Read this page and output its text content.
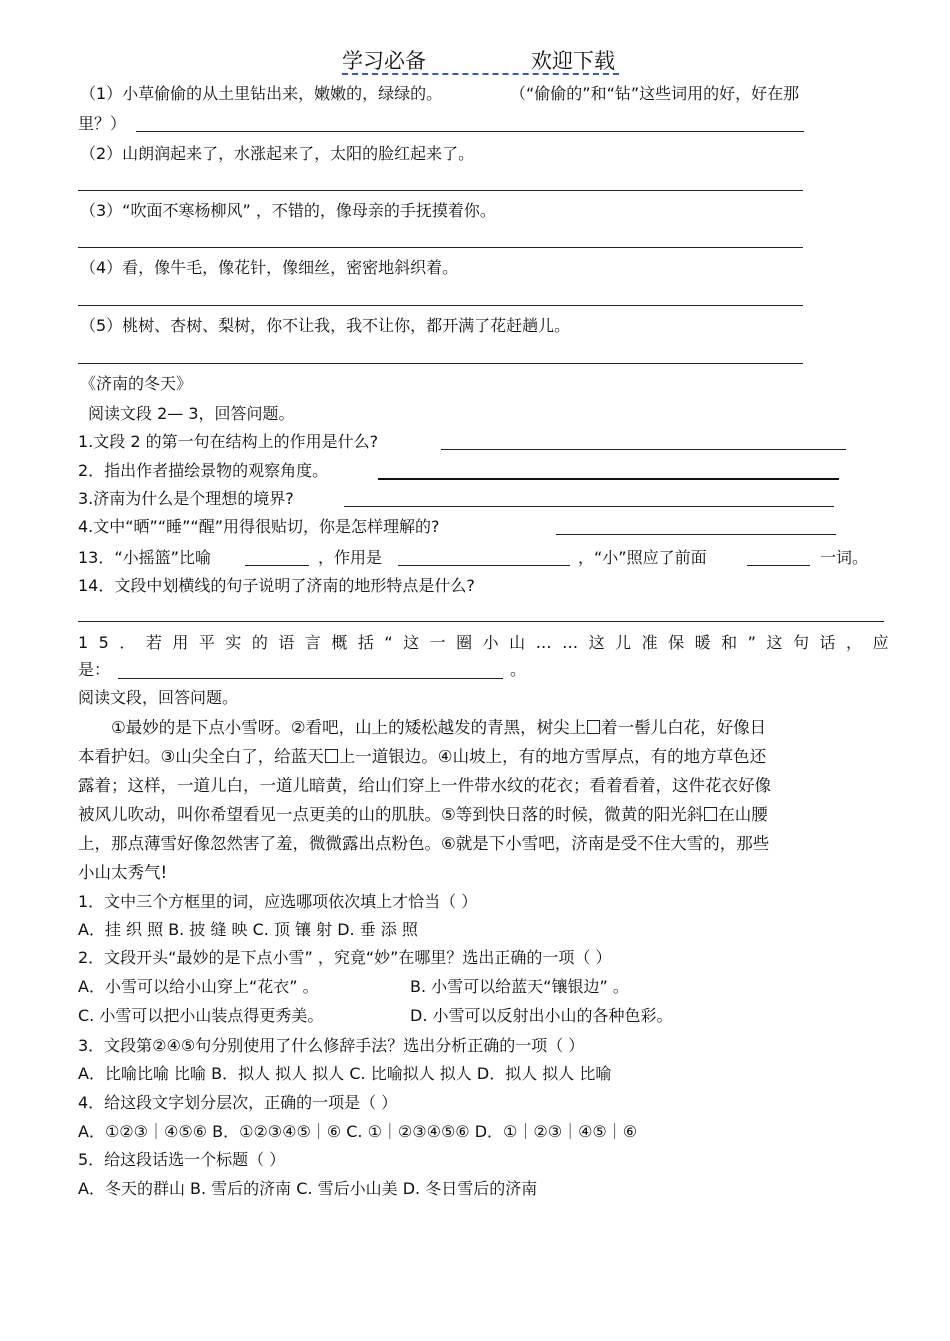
学习必备	欢迎下载
（1）小草偷偷的从土里钻出来，嫩嫩的，绿绿的。	（“偷偷的”和“钻”这些词用的好，好在那
里？）
（2）山朗润起来了，水涨起来了，太阳的脸红起来了。
（3）“吹面不寒杨柳风” ，不错的，像母亲的手抚摸着你。
（4）看，像牛毛，像花针，像细丝，密密地斜织着。
（5）桃树、杏树、梨树，你不让我，我不让你，都开满了花赶趟儿。
《济南的冬天》
阅读文段 2— 3，回答问题。
1.文段 2 的第一句在结构上的作用是什么?
2．指出作者描绘景物的观察角度。
3.济南为什么是个理想的境界?
4.文中“晒”“睡”“醒”用得很贴切，你是怎样理解的?
13．“小摇篮”比喻	，作用是	，“小”照应了前面	一词。
14．文段中划横线的句子说明了济南的地形特点是什么?
15．若用平实的语言概括“这一圈小山……这儿准保暖和”这句话，应
是：	。
阅读文段，回答问题。
①最妙的是下点小雪呀。②看吧，山上的矮松越发的青黑，树尖上 着一髻儿白花，好像日
本看护妇。③山尖全白了，给蓝天 上一道银边。④山坡上，有的地方雪厚点，有的地方草色还
露着；这样，一道儿白，一道儿暗黄，给山们穿上一件带水纹的花衣；看着看着，这件花衣好像
被风儿吹动，叫你希望看见一点更美的山的肌肤。⑤等到快日落的时候，微黄的阳光斜 在山腰
上，那点薄雪好像忽然害了羞，微微露出点粉色。⑥就是下小雪吧，济南是受不住大雪的，那些
小山太秀气!
1．文中三个方框里的词，应选哪项依次填上才恰当（ ）
A．挂 织 照 B. 披 缝 映 C. 顶 镶 射 D. 垂 添 照
2．文段开头“最妙的是下点小雪” ，究竟“妙”在哪里？选出正确的一项（ ）
A．小雪可以给小山穿上“花衣” 。	B. 小雪可以给蓝天“镶银边” 。
C. 小雪可以把小山装点得更秀美。	D. 小雪可以反射出小山的各种色彩。
3．文段第②④⑤句分别使用了什么修辞手法？选出分析正确的一项（ ）
A．比喻比喻 比喻 B．拟人 拟人 拟人 C. 比喻拟人 拟人 D．拟人 拟人 比喻
4．给这段文字划分层次，正确的一项是（ ）
A．①②③｜④⑤⑥ B．①②③④⑤｜⑥ C. ①｜②③④⑤⑥ D．①｜②③｜④⑤｜⑥
5．给这段话选一个标题（ ）
A．冬天的群山 B. 雪后的济南 C. 雪后小山美 D. 冬日雪后的济南
